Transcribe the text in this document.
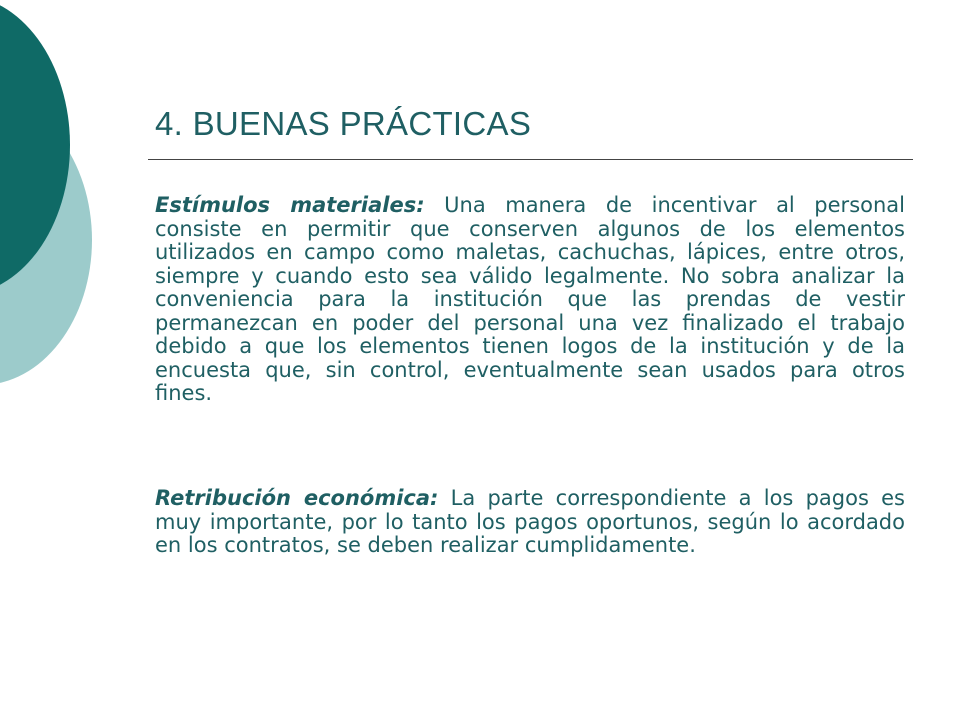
4. BUENAS PRÁCTICAS

Estímulos materiales: Una manera de incentivar al personal consiste en permitir que conserven algunos de los elementos utilizados en campo como maletas, cachuchas, lápices, entre otros, siempre y cuando esto sea válido legalmente. No sobra analizar la conveniencia para la institución que las prendas de vestir permanezcan en poder del personal una vez finalizado el trabajo debido a que los elementos tienen logos de la institución y de la encuesta que, sin control, eventualmente sean usados para otros fines.

Retribución económica: La parte correspondiente a los pagos es muy importante, por lo tanto los pagos oportunos, según lo acordado en los contratos, se deben realizar cumplidamente.
